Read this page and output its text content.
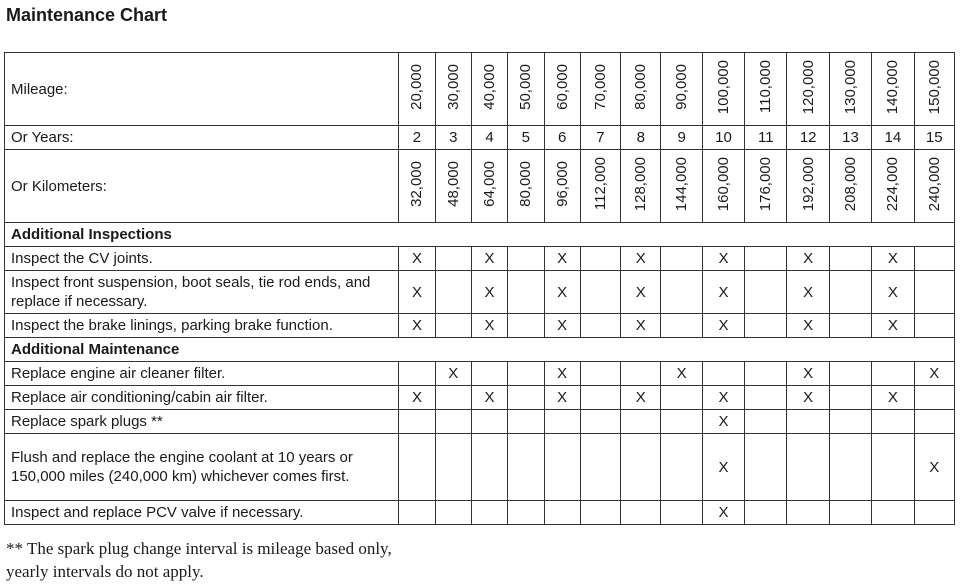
Maintenance Chart
Mileage:	20,000	30,000	40,000	50,000	60,000	70,000	80,000	90,000	100,000	110,000	120,000	130,000	140,000	150,000
Or Years:	2	3	4	5	6	7	8	9	10	11	12	13	14	15
Or Kilometers:	32,000	48,000	64,000	80,000	96,000	112,000	128,000	144,000	160,000	176,000	192,000	208,000	224,000	240,000
Additional Inspections														
Inspect the CV joints.	X		X		X		X		X		X		X	
Inspect front suspension, boot seals, tie rod ends, and replace if necessary.	X		X		X		X		X		X		X	
Inspect the brake linings, parking brake function.	X		X		X		X		X		X		X	
Additional Maintenance														
Replace engine air cleaner filter.		X			X			X			X			X
Replace air conditioning/cabin air filter.	X		X		X		X		X		X		X	
Replace spark plugs **									X					
Flush and replace the engine coolant at 10 years or 150,000 miles (240,000 km) whichever comes first.									X					X
Inspect and replace PCV valve if necessary.									X					
** The spark plug change interval is mileage based only,
yearly intervals do not apply.
